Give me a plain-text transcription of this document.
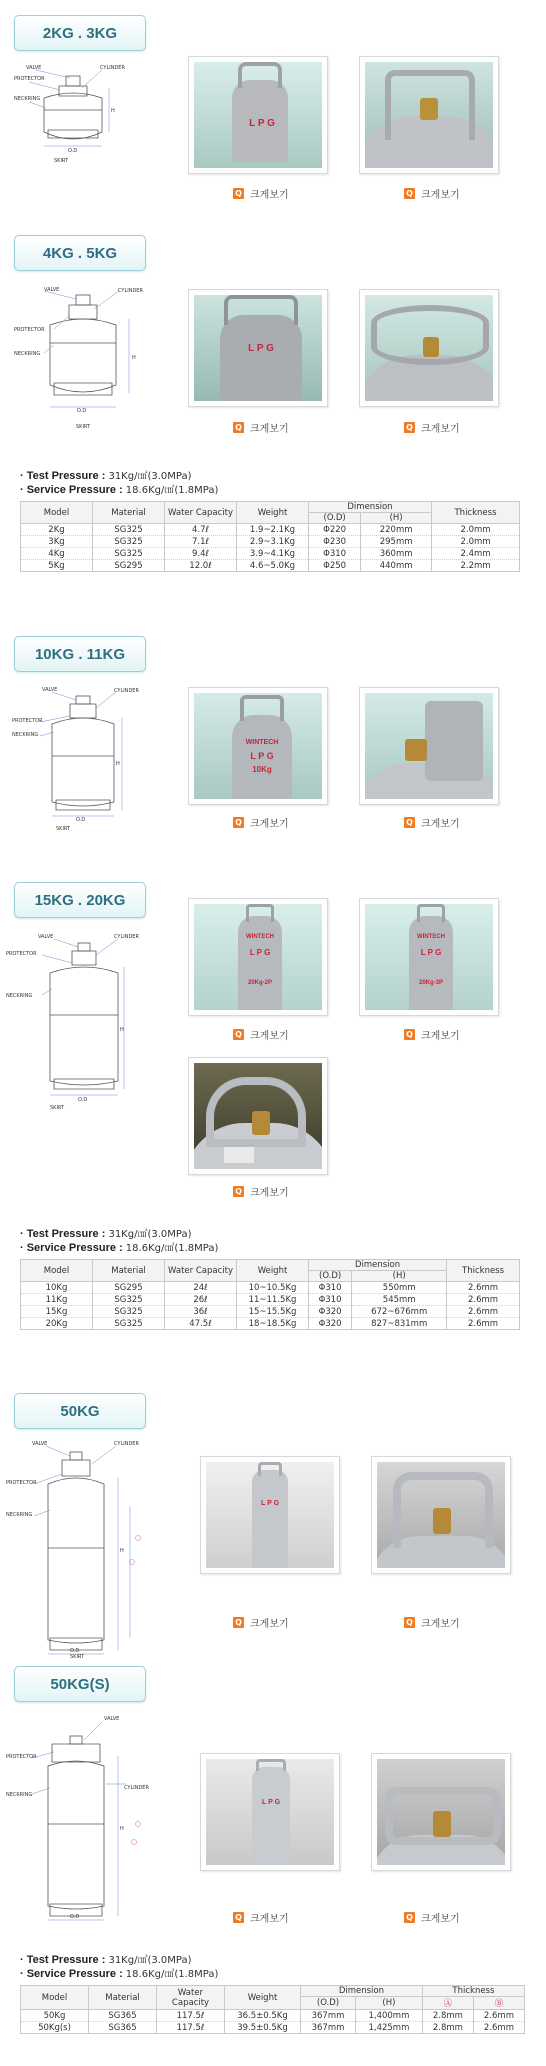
2KG . 3KG
VALVE	CYLINDER
PROTECTOR
NECKRING
H
O.D
SKIRT
L P G
Q 크게보기	Q 크게보기
4KG . 5KG
VALVE	CYLINDER
PROTECTOR
NECKRING
H
O.D
SKIRT
L P G
Q 크게보기	Q 크게보기
· Test Pressure : 31Kg/㎠(3.0MPa)
· Service Pressure : 18.6Kg/㎠(1.8MPa)
Model	Material	Water Capacity	Weight	Dimension		Thickness
				(O.D)	(H)	
2Kg	SG325	4.7ℓ	1.9~2.1Kg	Φ220	220mm	2.0mm
3Kg	SG325	7.1ℓ	2.9~3.1Kg	Φ230	295mm	2.0mm
4Kg	SG325	9.4ℓ	3.9~4.1Kg	Φ310	360mm	2.4mm
5Kg	SG295	12.0ℓ	4.6~5.0Kg	Φ250	440mm	2.2mm
10KG . 11KG
VALVE	CYLINDER
PROTECTOR
NECKRING
H
O.D
SKIRT
WINTECH
L P G
10Kg
Q 크게보기	Q 크게보기
15KG . 20KG
VALVE	CYLINDER
PROTECTOR
NECKRING
H
O.D
SKIRT
WINTECH
L P G
20Kg-2P
Q 크게보기
WINTECH
L P G
20Kg-3P
Q 크게보기
Q 크게보기
· Test Pressure : 31Kg/㎠(3.0MPa)
· Service Pressure : 18.6Kg/㎠(1.8MPa)
Model	Material	Water Capacity	Weight	Dimension		Thickness
				(O.D)	(H)	
10Kg	SG295	24ℓ	10~10.5Kg	Φ310	550mm	2.6mm
11Kg	SG325	26ℓ	11~11.5Kg	Φ310	545mm	2.6mm
15Kg	SG325	36ℓ	15~15.5Kg	Φ320	672~676mm	2.6mm
20Kg	SG325	47.5ℓ	18~18.5Kg	Φ320	827~831mm	2.6mm
50KG
VALVE	CYLINDER
PROTECTOR
NECKRING
H
O.D
SKIRT
L P G
Q 크게보기	Q 크게보기
50KG(S)
VALVE
CYLINDER
PROTECTOR
NECKRING
H
O.D
L P G
Q 크게보기	Q 크게보기
· Test Pressure : 31Kg/㎠(3.0MPa)
· Service Pressure : 18.6Kg/㎠(1.8MPa)
Model	Material	Water Capacity	Weight	Dimension		Thickness	
				(O.D)	(H)	Ⓐ	Ⓑ
50Kg	SG365	117.5ℓ	36.5±0.5Kg	367mm	1,400mm	2.8mm	2.6mm
50Kg(s)	SG365	117.5ℓ	39.5±0.5Kg	367mm	1,425mm	2.8mm	2.6mm
